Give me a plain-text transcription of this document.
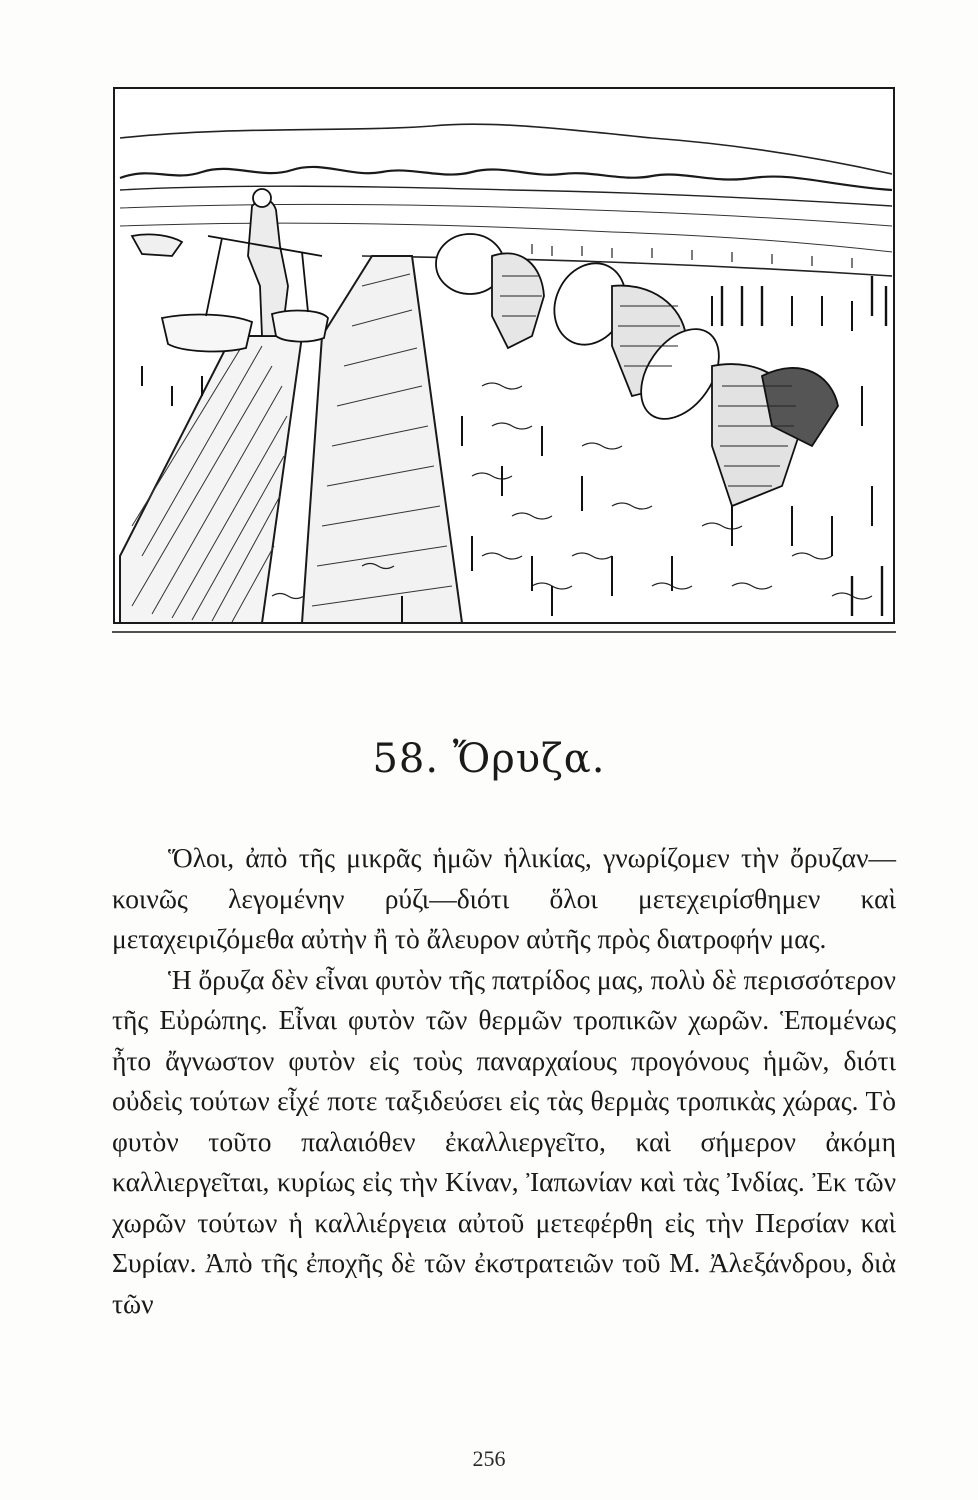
58. Ὄρυζα.

Ὅλοι, ἀπὸ τῆς μικρᾶς ἡμῶν ἡλικίας, γνωρίζομεν τὴν ὄρυζαν—κοινῶς λεγομένην ρύζι—διότι ὅλοι μετεχειρίσθημεν καὶ μεταχειριζόμεθα αὐτὴν ἢ τὸ ἄλευρον αὐτῆς πρὸς διατροφήν μας.

Ἡ ὄρυζα δὲν εἶναι φυτὸν τῆς πατρίδος μας, πολὺ δὲ περισσότερον τῆς Εὐρώπης. Εἶναι φυτὸν τῶν θερμῶν τροπικῶν χωρῶν. Ἑπομένως ἦτο ἄγνωστον φυτὸν εἰς τοὺς παναρχαίους προγόνους ἡμῶν, διότι οὐδεὶς τούτων εἶχέ ποτε ταξιδεύσει εἰς τὰς θερμὰς τροπικὰς χώρας. Τὸ φυτὸν τοῦτο παλαιόθεν ἐκαλλιεργεῖτο, καὶ σήμερον ἀκόμη καλλιεργεῖται, κυρίως εἰς τὴν Κίναν, Ἰαπωνίαν καὶ τὰς Ἰνδίας. Ἐκ τῶν χωρῶν τούτων ἡ καλλιέργεια αὐτοῦ μετεφέρθη εἰς τὴν Περσίαν καὶ Συρίαν. Ἀπὸ τῆς ἐποχῆς δὲ τῶν ἐκστρατειῶν τοῦ Μ. Ἀλεξάνδρου, διὰ τῶν

256
